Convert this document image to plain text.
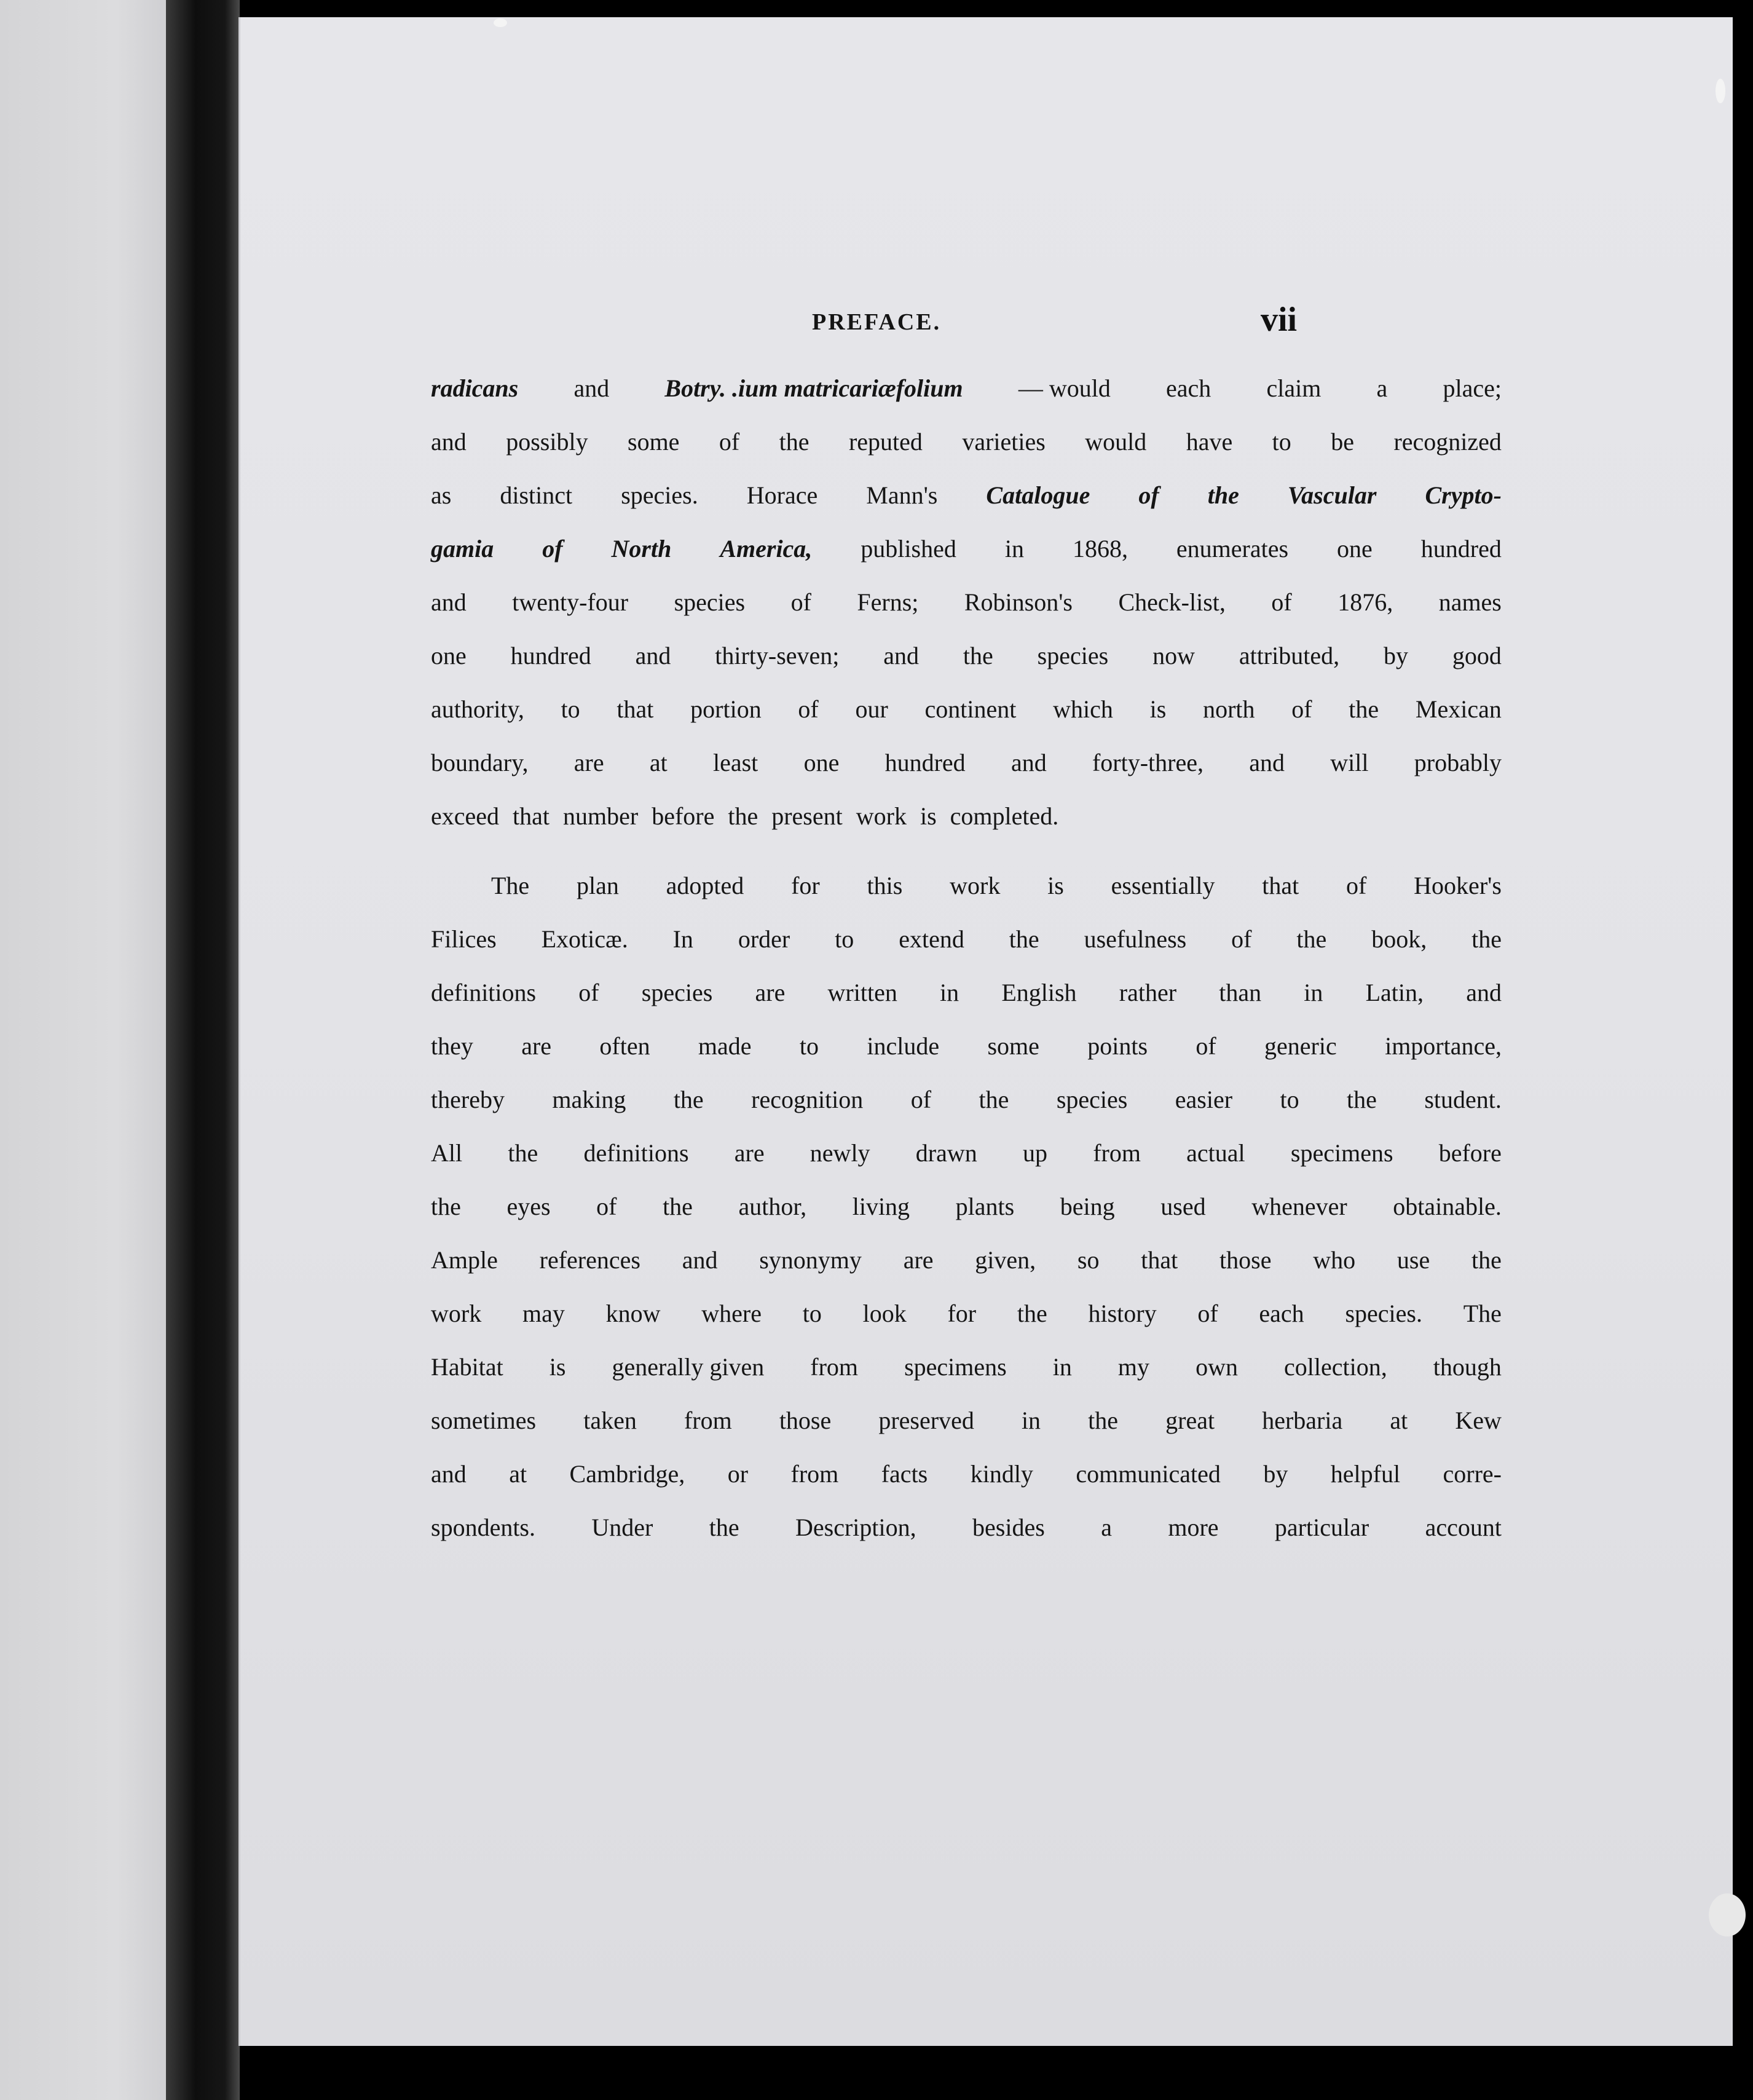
PREFACE.	vii
radicans and Botry. .ium matricariæfolium — would each claim a place;
and possibly some of the reputed varieties would have to be recognized
as distinct species. Horace Mann's Catalogue of the Vascular Crypto-
gamia of North America, published in 1868, enumerates one hundred
and twenty-four species of Ferns; Robinson's Check-list, of 1876, names
one hundred and thirty-seven; and the species now attributed, by good
authority, to that portion of our continent which is north of the Mexican
boundary, are at least one hundred and forty-three, and will probably
exceed that number before the present work is completed.
The plan adopted for this work is essentially that of Hooker's
Filices Exoticæ. In order to extend the usefulness of the book, the
definitions of species are written in English rather than in Latin, and
they are often made to include some points of generic importance,
thereby making the recognition of the species easier to the student.
All the definitions are newly drawn up from actual specimens before
the eyes of the author, living plants being used whenever obtainable.
Ample references and synonymy are given, so that those who use the
work may know where to look for the history of each species. The
Habitat is generally given from specimens in my own collection, though
sometimes taken from those preserved in the great herbaria at Kew
and at Cambridge, or from facts kindly communicated by helpful corre-
spondents. Under the Description, besides a more particular account
